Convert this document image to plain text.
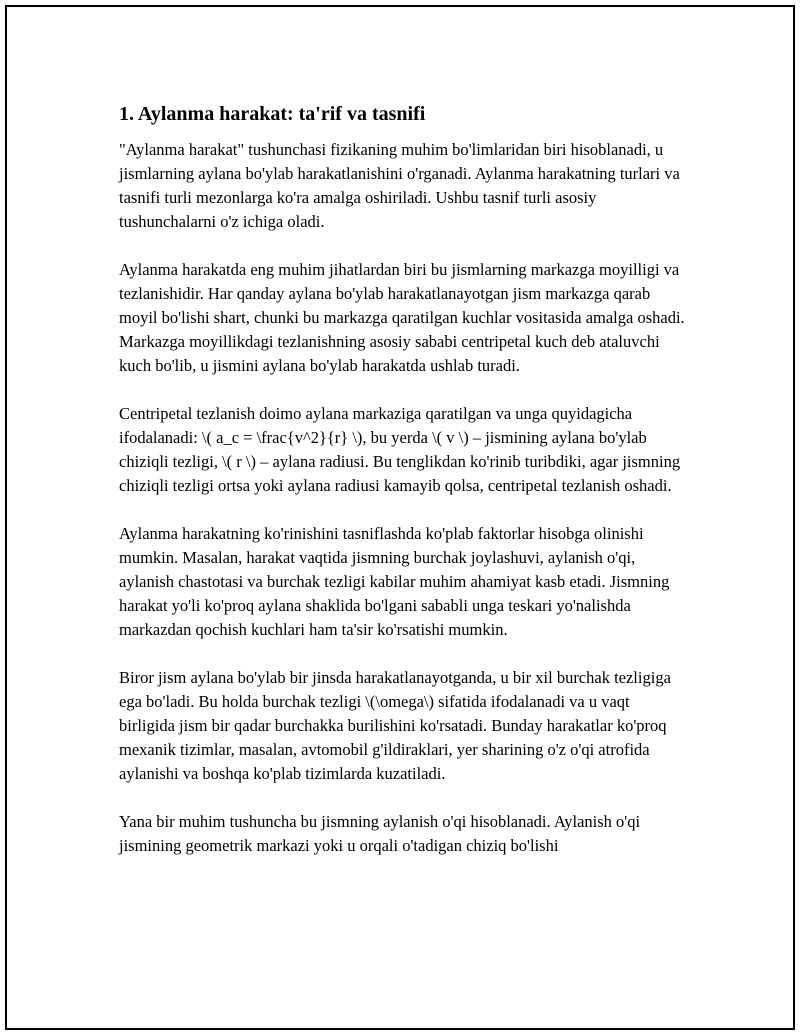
1. Aylanma harakat: ta'rif va tasnifi

"Aylanma harakat" tushunchasi fizikaning muhim bo'limlaridan biri hisoblanadi, u jismlarning aylana bo'ylab harakatlanishini o'rganadi. Aylanma harakatning turlari va tasnifi turli mezonlarga ko'ra amalga oshiriladi. Ushbu tasnif turli asosiy tushunchalarni o'z ichiga oladi.

Aylanma harakatda eng muhim jihatlardan biri bu jismlarning markazga moyilligi va tezlanishidir. Har qanday aylana bo'ylab harakatlanayotgan jism markazga qarab moyil bo'lishi shart, chunki bu markazga qaratilgan kuchlar vositasida amalga oshadi. Markazga moyillikdagi tezlanishning asosiy sababi centripetal kuch deb ataluvchi kuch bo'lib, u jismini aylana bo'ylab harakatda ushlab turadi.

Centripetal tezlanish doimo aylana markaziga qaratilgan va unga quyidagicha ifodalanadi: \( a_c = \frac{v^2}{r} \), bu yerda \( v \) – jismining aylana bo'ylab chiziqli tezligi, \( r \) – aylana radiusi. Bu tenglikdan ko'rinib turibdiki, agar jismning chiziqli tezligi ortsa yoki aylana radiusi kamayib qolsa, centripetal tezlanish oshadi.

Aylanma harakatning ko'rinishini tasniflashda ko'plab faktorlar hisobga olinishi mumkin. Masalan, harakat vaqtida jismning burchak joylashuvi, aylanish o'qi, aylanish chastotasi va burchak tezligi kabilar muhim ahamiyat kasb etadi. Jismning harakat yo'li ko'proq aylana shaklida bo'lgani sababli unga teskari yo'nalishda markazdan qochish kuchlari ham ta'sir ko'rsatishi mumkin.

Biror jism aylana bo'ylab bir jinsda harakatlanayotganda, u bir xil burchak tezligiga ega bo'ladi. Bu holda burchak tezligi \(\omega\) sifatida ifodalanadi va u vaqt birligida jism bir qadar burchakka burilishini ko'rsatadi. Bunday harakatlar ko'proq mexanik tizimlar, masalan, avtomobil g'ildiraklari, yer sharining o'z o'qi atrofida aylanishi va boshqa ko'plab tizimlarda kuzatiladi.

Yana bir muhim tushuncha bu jismning aylanish o'qi hisoblanadi. Aylanish o'qi jismining geometrik markazi yoki u orqali o'tadigan chiziq bo'lishi
